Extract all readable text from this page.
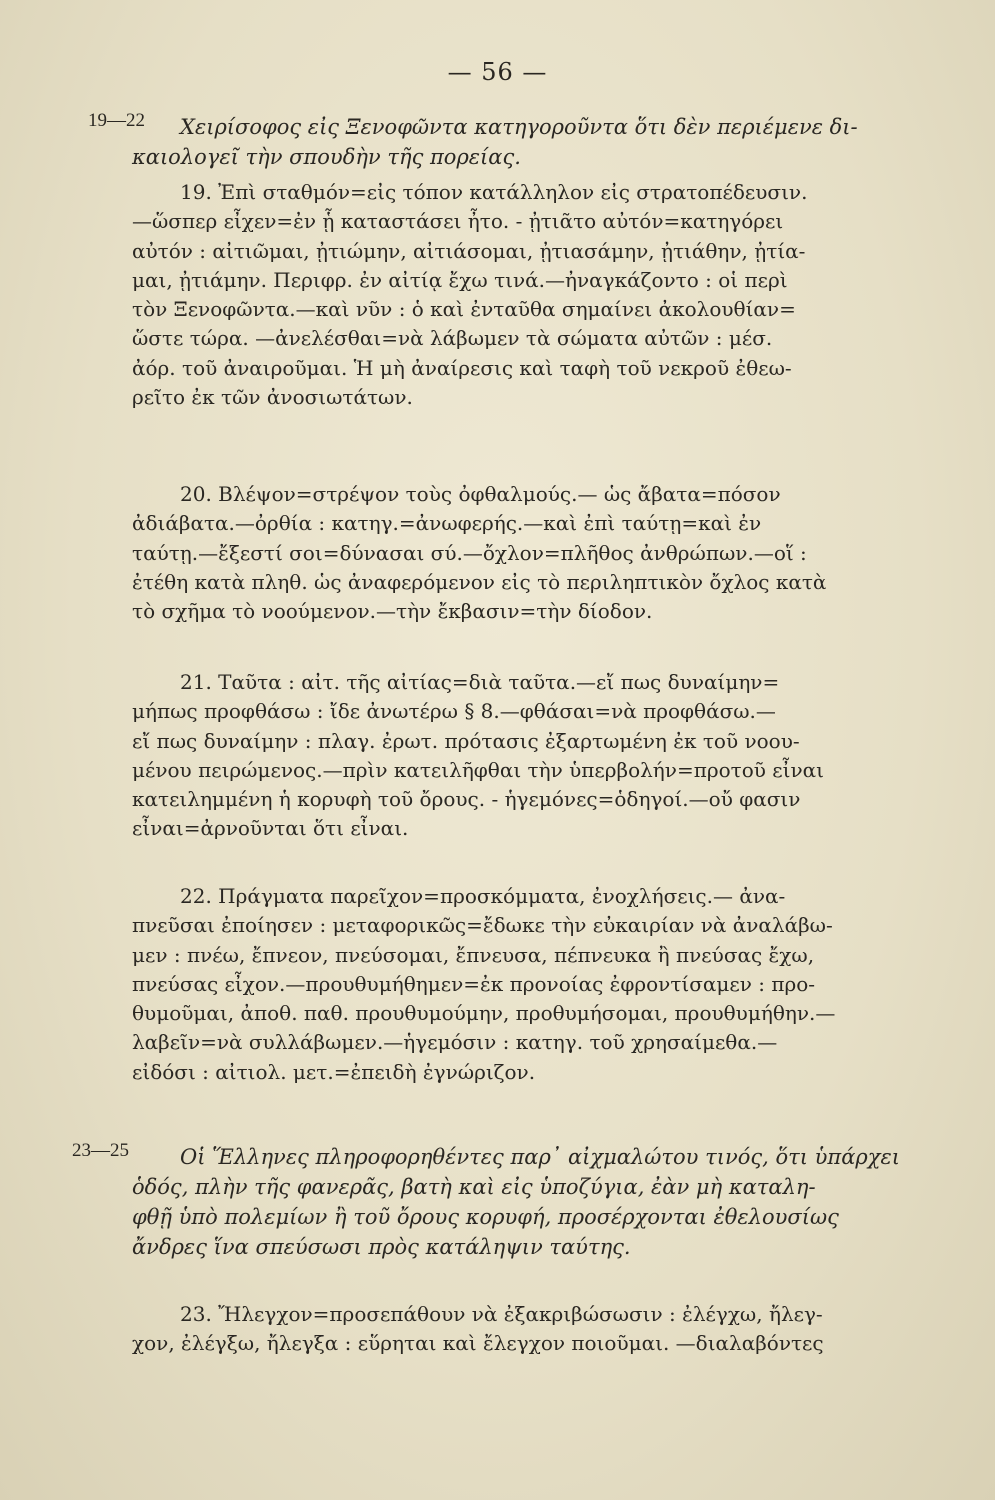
— 56 —
19—22	Χειρίσοφος εἰς Ξενοφῶντα κατηγοροῦντα ὅτι δὲν περιέμενε δι-
καιολογεῖ τὴν σπουδὴν τῆς πορείας.
19. Ἐπὶ σταθμόν=εἰς τόπον κατάλληλον εἰς στρατοπέδευσιν.
—ὥσπερ εἶχεν=ἐν ᾗ καταστάσει ἦτο. - ᾐτιᾶτο αὐτόν=κατηγόρει
αὐτόν : αἰτιῶμαι, ᾐτιώμην, αἰτιάσομαι, ᾐτιασάμην, ᾐτιάθην, ᾐτία-
μαι, ᾐτιάμην. Περιφρ. ἐν αἰτίᾳ ἔχω τινά.—ἠναγκάζοντο : οἱ περὶ
τὸν Ξενοφῶντα.—καὶ νῦν : ὁ καὶ ἐνταῦθα σημαίνει ἀκολουθίαν=
ὥστε τώρα. —ἀνελέσθαι=νὰ λάβωμεν τὰ σώματα αὐτῶν : μέσ.
ἀόρ. τοῦ ἀναιροῦμαι. Ἡ μὴ ἀναίρεσις καὶ ταφὴ τοῦ νεκροῦ ἐθεω-
ρεῖτο ἐκ τῶν ἀνοσιωτάτων.
20. Βλέψον=στρέψον τοὺς ὀφθαλμούς.— ὡς ἄβατα=πόσον
ἀδιάβατα.—ὀρθία : κατηγ.=ἀνωφερής.—καὶ ἐπὶ ταύτῃ=καὶ ἐν
ταύτῃ.—ἔξεστί σοι=δύνασαι σύ.—ὄχλον=πλῆθος ἀνθρώπων.—οἵ :
ἐτέθη κατὰ πληθ. ὡς ἀναφερόμενον εἰς τὸ περιληπτικὸν ὄχλος κατὰ
τὸ σχῆμα τὸ νοούμενον.—τὴν ἔκβασιν=τὴν δίοδον.
21. Ταῦτα : αἰτ. τῆς αἰτίας=διὰ ταῦτα.—εἴ πως δυναίμην=
μήπως προφθάσω : ἴδε ἀνωτέρω § 8.—φθάσαι=νὰ προφθάσω.—
εἴ πως δυναίμην : πλαγ. ἐρωτ. πρότασις ἐξαρτωμένη ἐκ τοῦ νοου-
μένου πειρώμενος.—πρὶν κατειλῆφθαι τὴν ὑπερβολήν=προτοῦ εἶναι
κατειλημμένη ἡ κορυφὴ τοῦ ὄρους. - ἡγεμόνες=ὁδηγοί.—οὔ φασιν
εἶναι=ἀρνοῦνται ὅτι εἶναι.
22. Πράγματα παρεῖχον=προσκόμματα, ἐνοχλήσεις.— ἀνα-
πνεῦσαι ἐποίησεν : μεταφορικῶς=ἔδωκε τὴν εὐκαιρίαν νὰ ἀναλάβω-
μεν : πνέω, ἔπνεον, πνεύσομαι, ἔπνευσα, πέπνευκα ἢ πνεύσας ἔχω,
πνεύσας εἶχον.—προυθυμήθημεν=ἐκ προνοίας ἐφροντίσαμεν : προ-
θυμοῦμαι, ἀποθ. παθ. προυθυμούμην, προθυμήσομαι, προυθυμήθην.—
λαβεῖν=νὰ συλλάβωμεν.—ἡγεμόσιν : κατηγ. τοῦ χρησαίμεθα.—
εἰδόσι : αἰτιολ. μετ.=ἐπειδὴ ἐγνώριζον.
23—25	Οἱ Ἕλληνες πληροφορηθέντες παρ᾽ αἰχμαλώτου τινός, ὅτι ὑπάρχει
ὁδός, πλὴν τῆς φανερᾶς, βατὴ καὶ εἰς ὑποζύγια, ἐὰν μὴ καταλη-
φθῇ ὑπὸ πολεμίων ἢ τοῦ ὄρους κορυφή, προσέρχονται ἐθελουσίως
ἄνδρες ἵνα σπεύσωσι πρὸς κατάληψιν ταύτης.
23. Ἤλεγχον=προσεπάθουν νὰ ἐξακριβώσωσιν : ἐλέγχω, ἤλεγ-
χον, ἐλέγξω, ἤλεγξα : εὕρηται καὶ ἔλεγχον ποιοῦμαι. —διαλαβόντες
